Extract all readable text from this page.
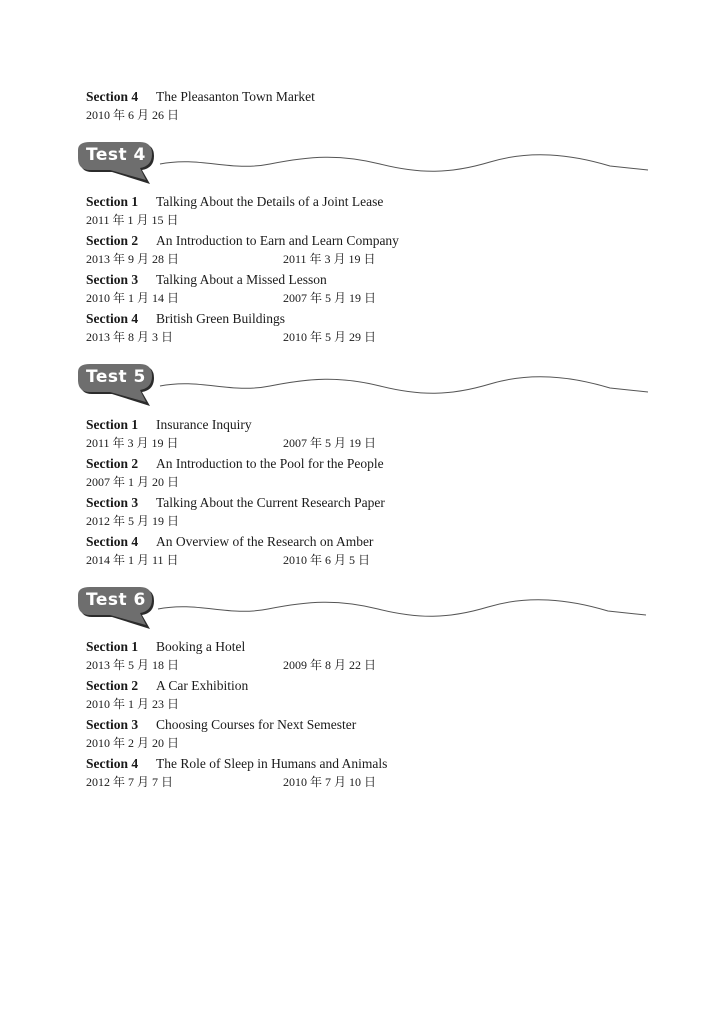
Section 4 The Pleasanton Town Market
2010 年 6 月 26 日
Test 4
Section 1 Talking About the Details of a Joint Lease
2011 年 1 月 15 日
Section 2 An Introduction to Earn and Learn Company
2013 年 9 月 28 日	2011 年 3 月 19 日
Section 3 Talking About a Missed Lesson
2010 年 1 月 14 日	2007 年 5 月 19 日
Section 4 British Green Buildings
2013 年 8 月 3 日	2010 年 5 月 29 日
Test 5
Section 1 Insurance Inquiry
2011 年 3 月 19 日	2007 年 5 月 19 日
Section 2 An Introduction to the Pool for the People
2007 年 1 月 20 日
Section 3 Talking About the Current Research Paper
2012 年 5 月 19 日
Section 4 An Overview of the Research on Amber
2014 年 1 月 11 日	2010 年 6 月 5 日
Test 6
Section 1 Booking a Hotel
2013 年 5 月 18 日	2009 年 8 月 22 日
Section 2 A Car Exhibition
2010 年 1 月 23 日
Section 3 Choosing Courses for Next Semester
2010 年 2 月 20 日
Section 4 The Role of Sleep in Humans and Animals
2012 年 7 月 7 日	2010 年 7 月 10 日
